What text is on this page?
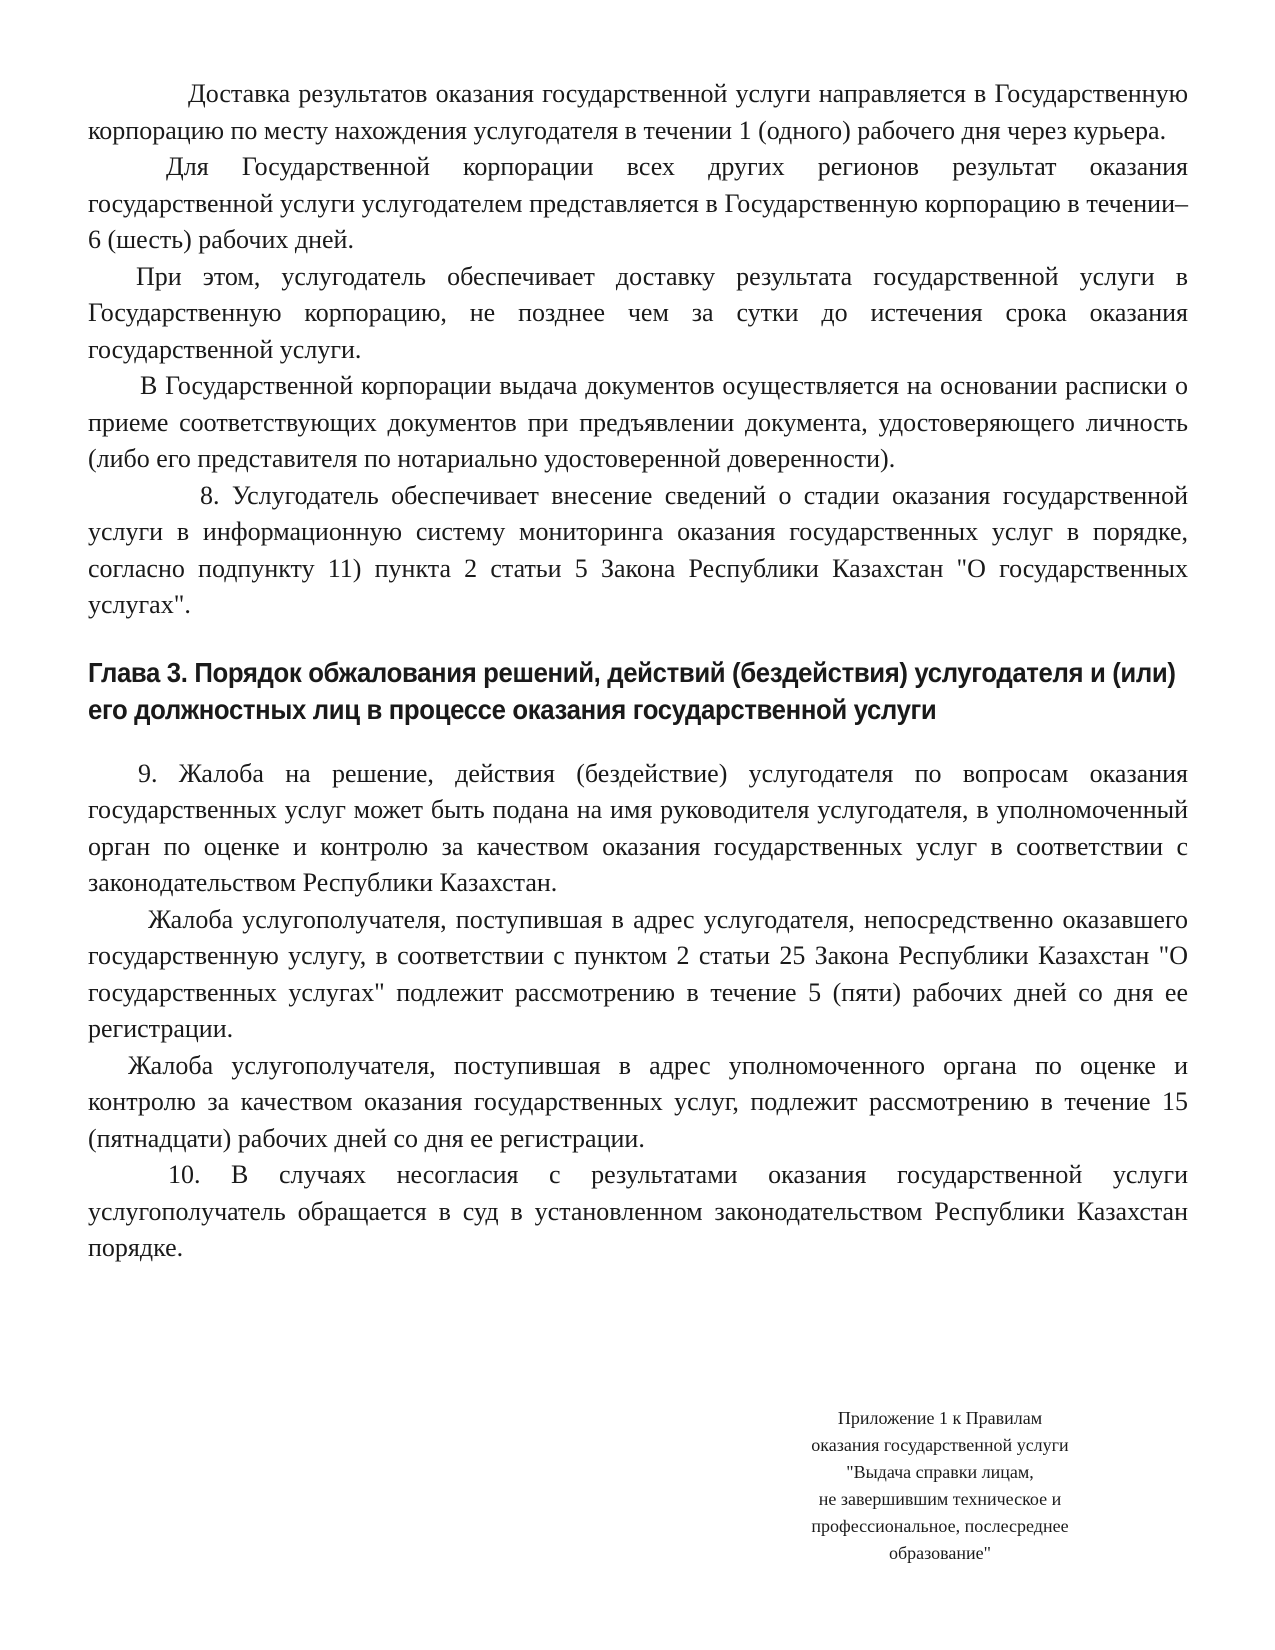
Доставка результатов оказания государственной услуги направляется в Государственную корпорацию по месту нахождения услугодателя в течении 1 (одного) рабочего дня через курьера.

Для Государственной корпорации всех других регионов результат оказания государственной услуги услугодателем представляется в Государственную корпорацию в течении– 6 (шесть) рабочих дней.

При этом, услугодатель обеспечивает доставку результата государственной услуги в Государственную корпорацию, не позднее чем за сутки до истечения срока оказания государственной услуги.

В Государственной корпорации выдача документов осуществляется на основании расписки о приеме соответствующих документов при предъявлении документа, удостоверяющего личность (либо его представителя по нотариально удостоверенной доверенности).

8. Услугодатель обеспечивает внесение сведений о стадии оказания государственной услуги в информационную систему мониторинга оказания государственных услуг в порядке, согласно подпункту 11) пункта 2 статьи 5 Закона Республики Казахстан "О государственных услугах".

Глава 3. Порядок обжалования решений, действий (бездействия) услугодателя и (или) его должностных лиц в процессе оказания государственной услуги

9. Жалоба на решение, действия (бездействие) услугодателя по вопросам оказания государственных услуг может быть подана на имя руководителя услугодателя, в уполномоченный орган по оценке и контролю за качеством оказания государственных услуг в соответствии с законодательством Республики Казахстан.

Жалоба услугополучателя, поступившая в адрес услугодателя, непосредственно оказавшего государственную услугу, в соответствии с пунктом 2 статьи 25 Закона Республики Казахстан "О государственных услугах" подлежит рассмотрению в течение 5 (пяти) рабочих дней со дня ее регистрации.

Жалоба услугополучателя, поступившая в адрес уполномоченного органа по оценке и контролю за качеством оказания государственных услуг, подлежит рассмотрению в течение 15 (пятнадцати) рабочих дней со дня ее регистрации.

10. В случаях несогласия с результатами оказания государственной услуги услугополучатель обращается в суд в установленном законодательством Республики Казахстан порядке.

Приложение 1 к Правилам
оказания государственной услуги
"Выдача справки лицам,
не завершившим техническое и
профессиональное, послесреднее
образование"
